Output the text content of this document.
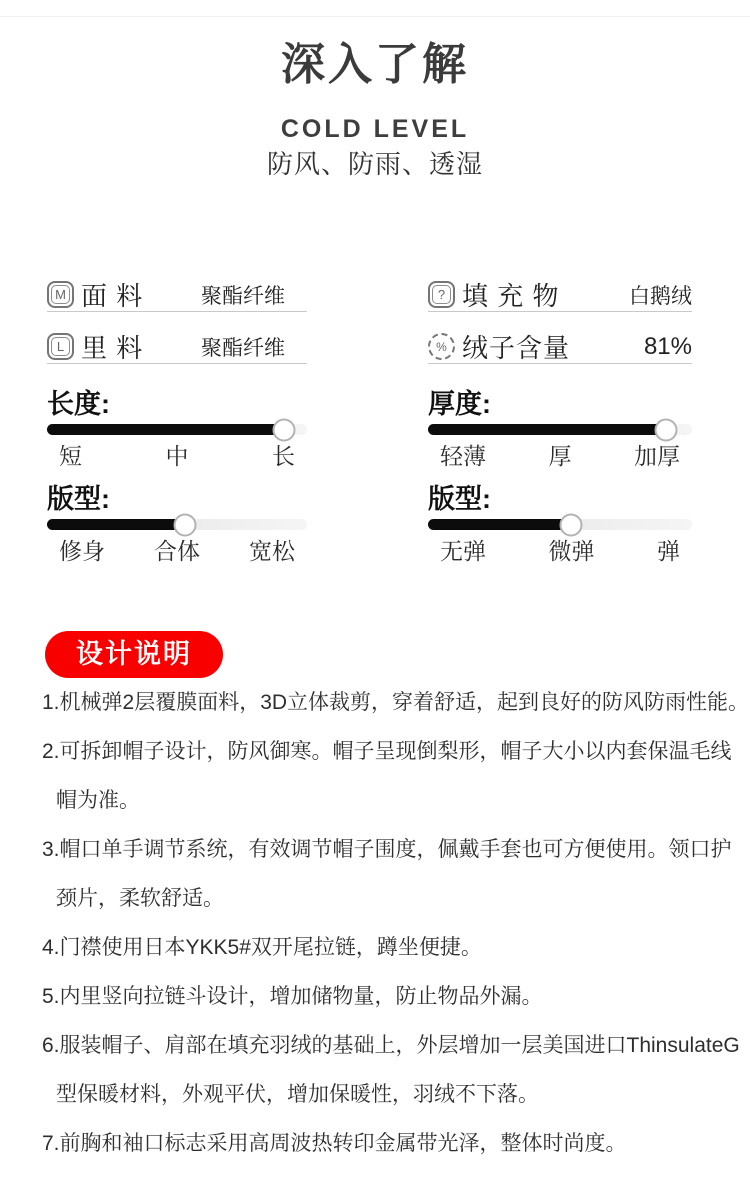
深入了解
COLD LEVEL
防风、防雨、透湿
M 面 料	聚酯纤维
L 里 料	聚酯纤维
? 填 充 物	白鹅绒
% 绒子含量	81%
长度:
短	中	长
版型:
修身 合体 宽松
厚度:
轻薄	厚	加厚
版型:
无弹	微弹	弹
设计说明
1.机械弹2层覆膜面料，3D立体裁剪，穿着舒适，起到良好的防风防雨性能。
2.可拆卸帽子设计，防风御寒。帽子呈现倒梨形，帽子大小以内套保温毛线
帽为准。
3.帽口单手调节系统，有效调节帽子围度，佩戴手套也可方便使用。领口护
颈片，柔软舒适。
4.门襟使用日本YKK5#双开尾拉链，蹲坐便捷。
5.内里竖向拉链斗设计，增加储物量，防止物品外漏。
6.服装帽子、肩部在填充羽绒的基础上，外层增加一层美国进口ThinsulateG
型保暖材料，外观平伏，增加保暖性，羽绒不下落。
7.前胸和袖口标志采用高周波热转印金属带光泽，整体时尚度。
